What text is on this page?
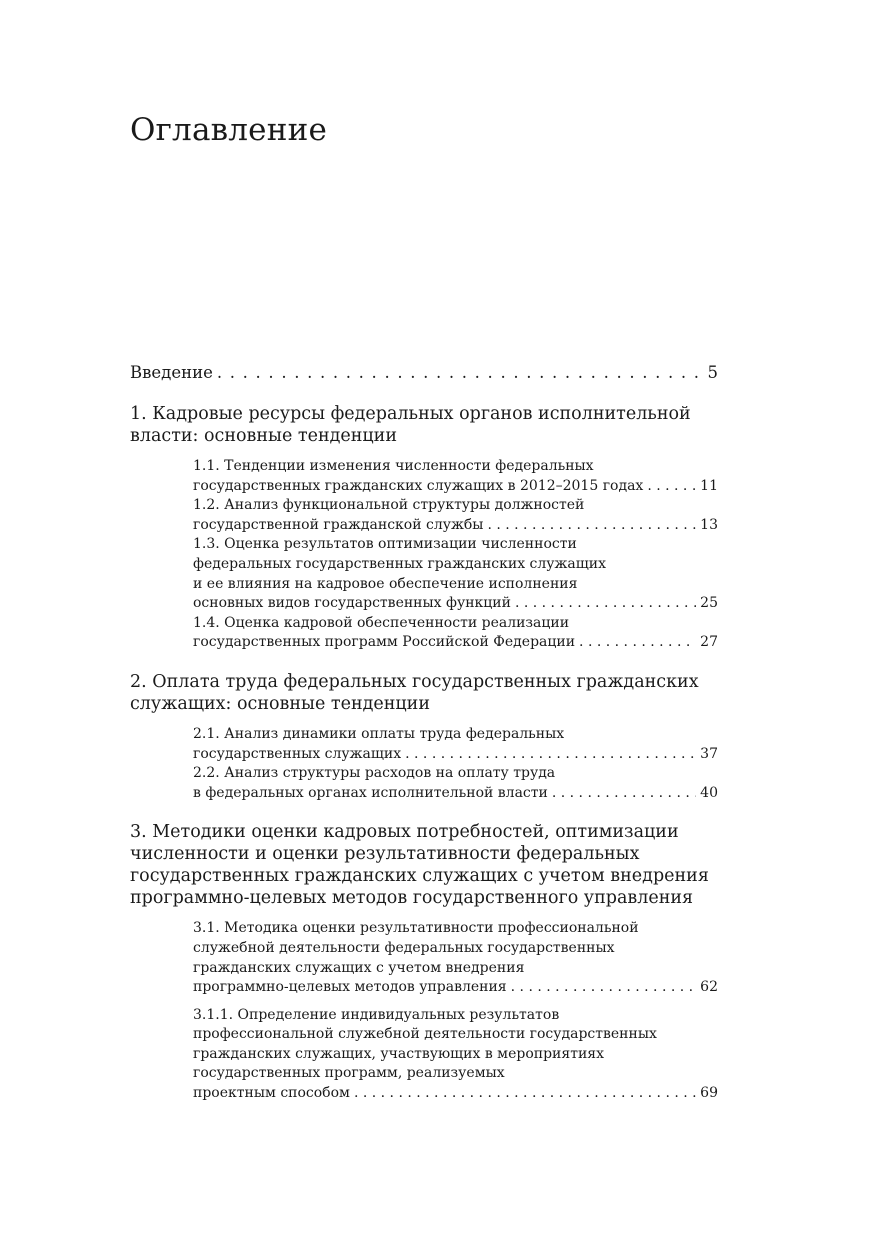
Оглавление
Введение . . .	5
1. Кадровые ресурсы федеральных органов исполнительной
власти: основные тенденции
1.1. Тенденции изменения численности федеральных
государственных гражданских служащих в 2012–2015 годах . . .	11
1.2. Анализ функциональной структуры должностей
государственной гражданской службы . . .	13
1.3. Оценка результатов оптимизации численности
федеральных государственных гражданских служащих
и ее влияния на кадровое обеспечение исполнения
основных видов государственных функций . . .	25
1.4. Оценка кадровой обеспеченности реализации
государственных программ Российской Федерации . . .	27
2. Оплата труда федеральных государственных гражданских
служащих: основные тенденции
2.1. Анализ динамики оплаты труда федеральных
государственных служащих . . .	37
2.2. Анализ структуры расходов на оплату труда
в федеральных органах исполнительной власти . . .	40
3. Методики оценки кадровых потребностей, оптимизации
численности и оценки результативности федеральных
государственных гражданских служащих с учетом внедрения
программно-целевых методов государственного управления
3.1. Методика оценки результативности профессиональной
служебной деятельности федеральных государственных
гражданских служащих с учетом внедрения
программно-целевых методов управления . . .	62
3.1.1. Определение индивидуальных результатов
профессиональной служебной деятельности государственных
гражданских служащих, участвующих в мероприятиях
государственных программ, реализуемых
проектным способом . . .	69
